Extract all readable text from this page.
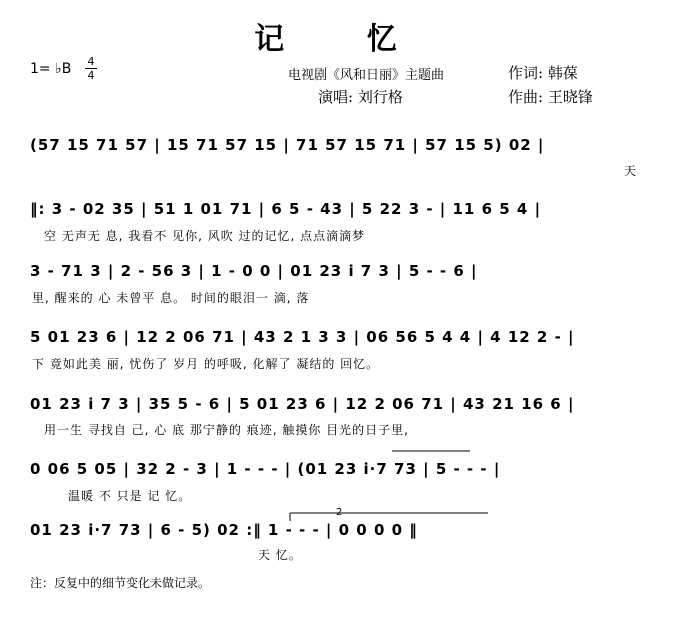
记 忆
1= ♭B 4
4	电视剧《风和日丽》主题曲
演唱: 刘行格
作词: 韩葆
作曲: 王晓锋
(57 15 71 57 | 15 71 57 15 | 71 57 15 71 | 57 15 5) 02 |
天
‖: 3 - 02 35 | 51 1 01 71 | 6 5 - 43 | 5 22 3 - | 11 6 5 4 |
空 无声无 息, 我看不 见你, 风吹 过的记忆, 点点滴滴梦
3 - 71 3 | 2 - 56 3 | 1 - 0 0 | 01 23 i 7 3 | 5 - - 6 |
里, 醒来的 心 未曾平 息。 时间的眼泪一 滴, 落
5 01 23 6 | 12 2 06 71 | 43 2 1 3 3 | 06 56 5 4 4 | 4 12 2 - |
下 竟如此美 丽, 忧伤了 岁月 的呼吸, 化解了 凝结的 回忆。
01 23 i 7 3 | 35 5 - 6 | 5 01 23 6 | 12 2 06 71 | 43 21 16 6 |
用一生 寻找自 己, 心 底 那宁静的 痕迹, 触摸你 目光的日子里,
0 06 5 05 | 32 2 - 3 | 1 - - - | (01 23 i·7 73 | 5 - - - |
温暖 不 只是 记 忆。
01 23 i·7 73 | 6 - 5) 02 :‖ 1 - - - | 0 0 0 0 ‖
天 忆。
2
注：反复中的细节变化未做记录。
